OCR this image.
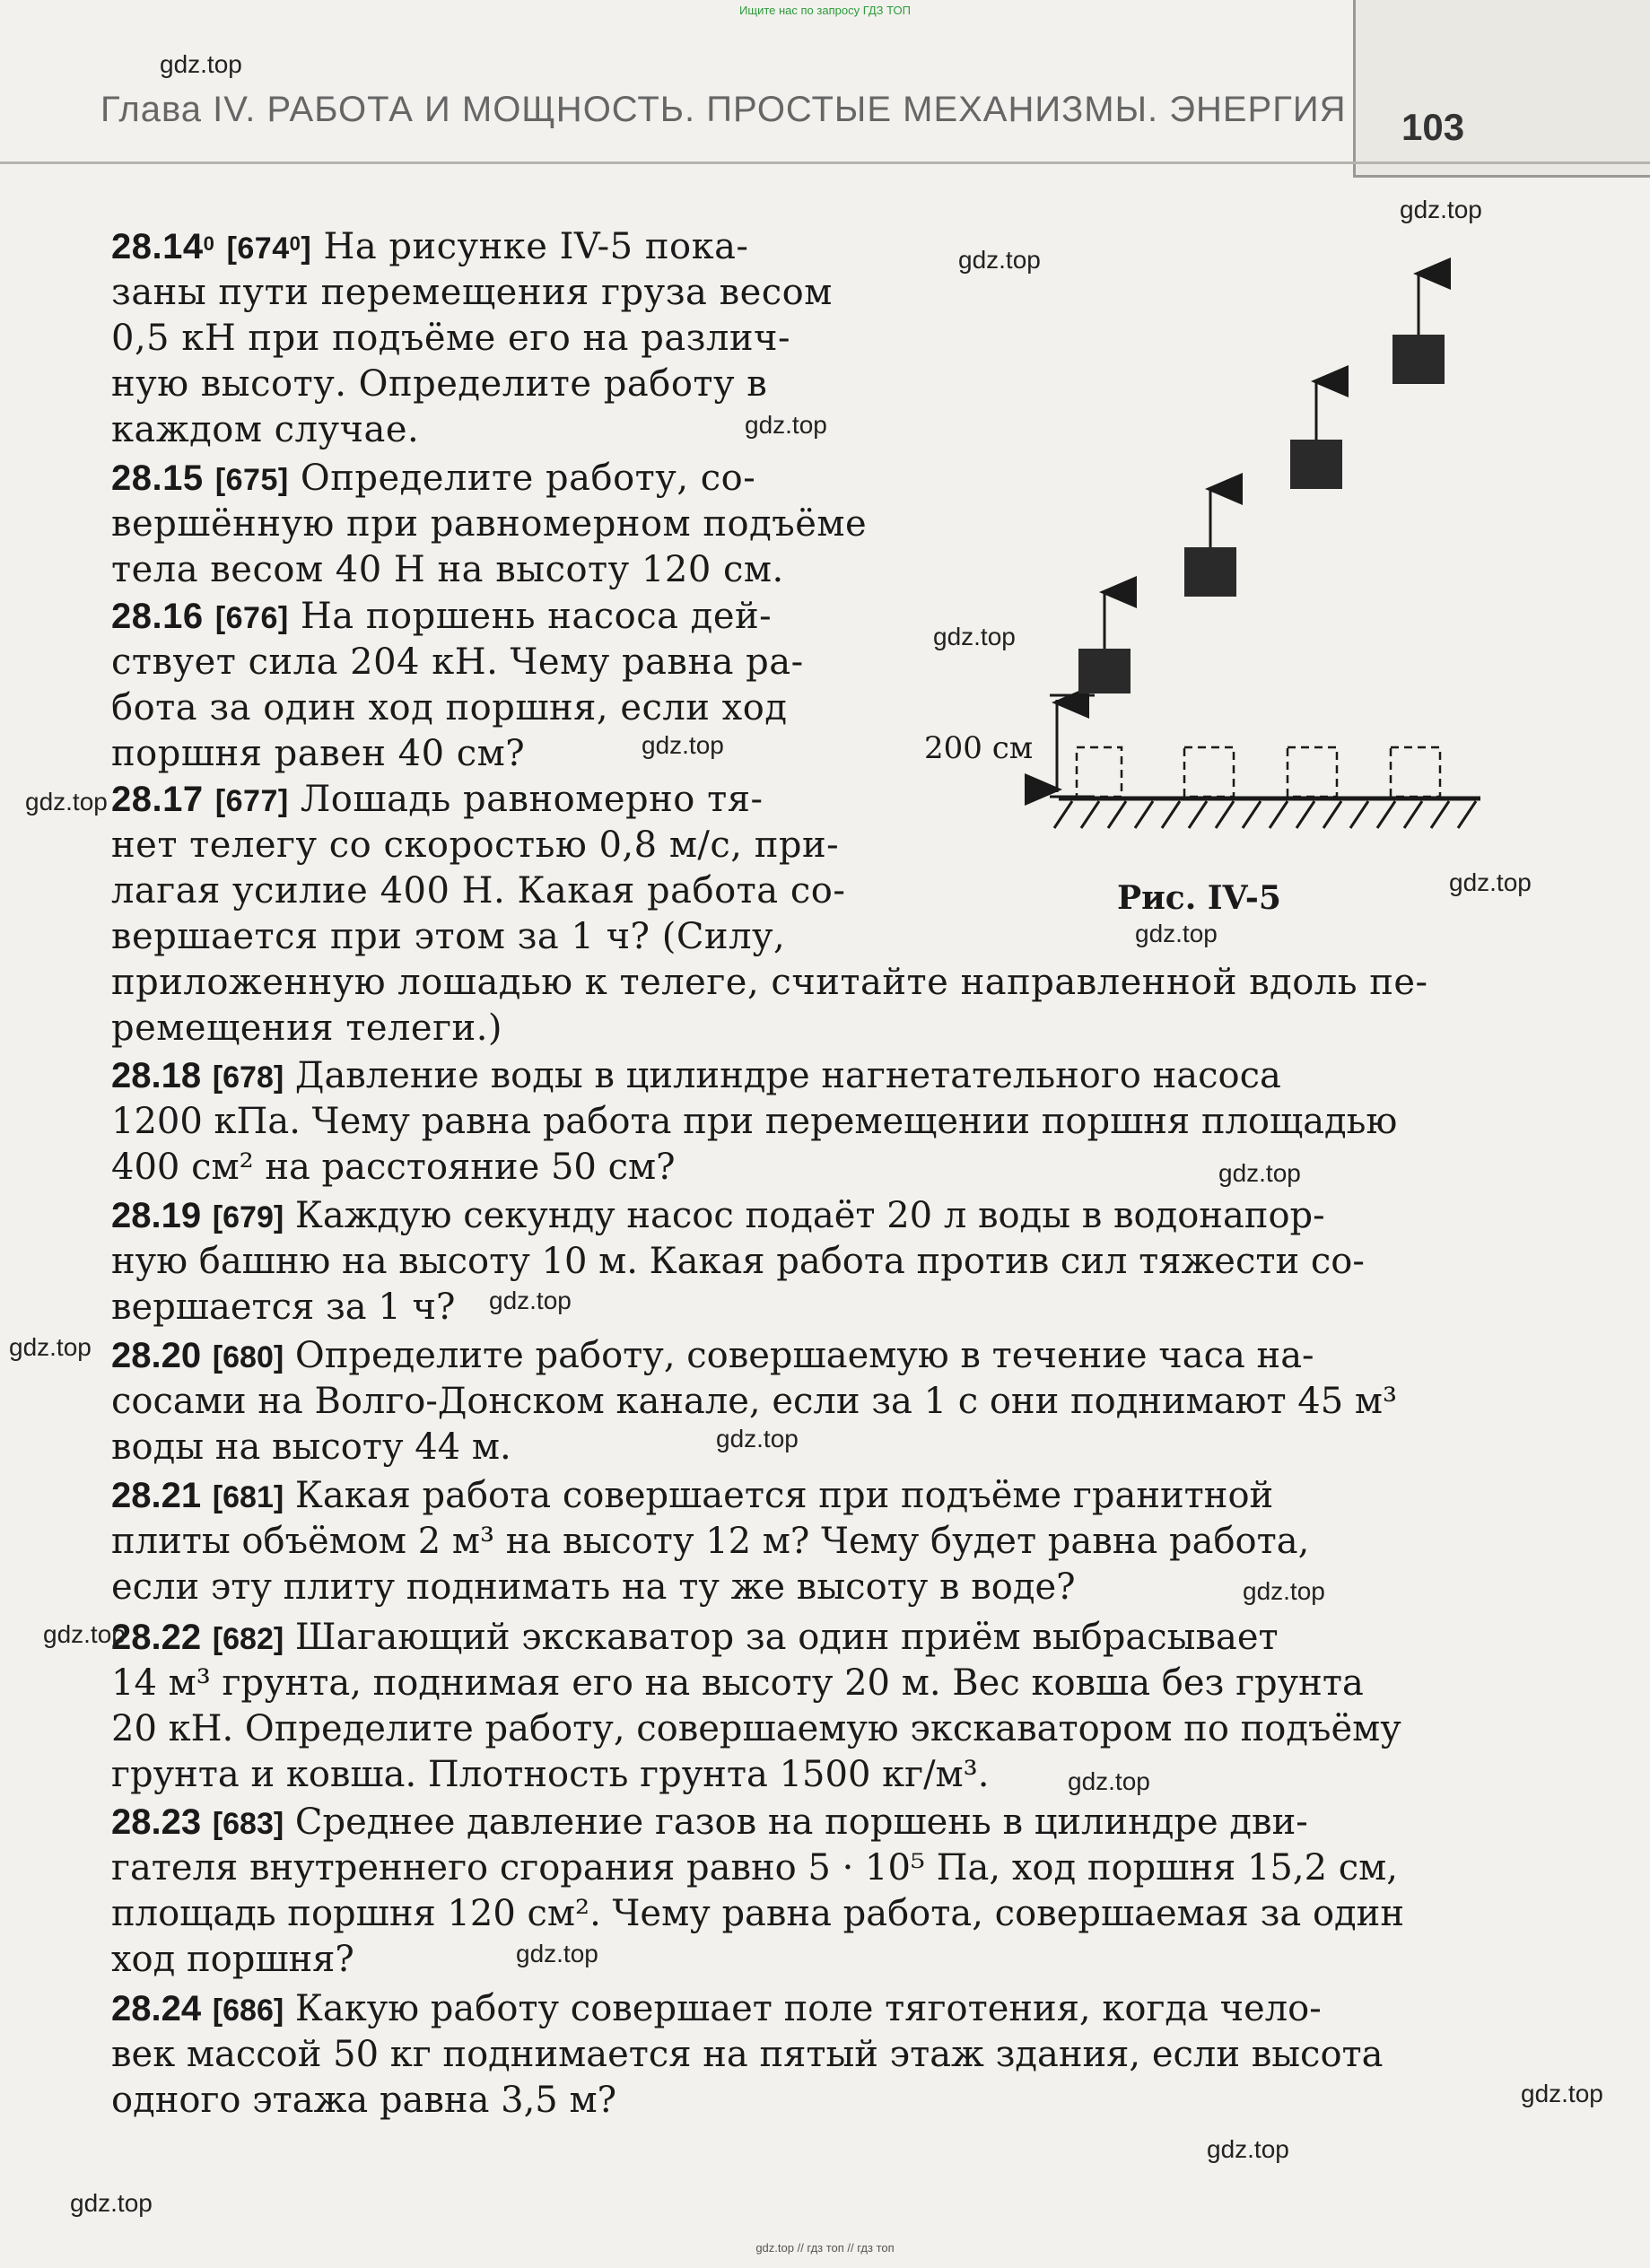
Ищите нас по запросу ГДЗ ТОП
Глава IV. РАБОТА И МОЩНОСТЬ. ПРОСТЫЕ МЕХАНИЗМЫ. ЭНЕРГИЯ 103
28.14$^0$ $[674^0]$ На рисунке IV-5 пока-
заны пути перемещения груза весом
0,5 кН при подъёме его на различ-
ную высоту. Определите работу в
каждом случае.
28.15 [675] Определите работу, со-
вершённую при равномерном подъёме
тела весом 40 Н на высоту 120 см.
28.16 [676] На поршень насоса дей-
ствует сила 204 кН. Чему равна ра-
бота за один ход поршня, если ход
поршня равен 40 см?
28.17 [677] Лошадь равномерно тя-
нет телегу со скоростью 0,8 м/с, при-
лагая усилие 400 Н. Какая работа со-
вершается при этом за 1 ч? (Силу,
приложенную лошадью к телеге, считайте направленной вдоль пе-
ремещения телеги.)
28.18 [678] Давление воды в цилиндре нагнетательного насоса
1200 кПа. Чему равна работа при перемещении поршня площадью
400 см² на расстояние 50 см?
28.19 [679] Каждую секунду насос подаёт 20 л воды в водонапор-
ную башню на высоту 10 м. Какая работа против сил тяжести со-
вершается за 1 ч?
28.20 [680] Определите работу, совершаемую в течение часа на-
сосами на Волго-Донском канале, если за 1 с они поднимают 45 м³
воды на высоту 44 м.
28.21 [681] Какая работа совершается при подъёме гранитной
плиты объёмом 2 м³ на высоту 12 м? Чему будет равна работа,
если эту плиту поднимать на ту же высоту в воде?
28.22 [682] Шагающий экскаватор за один приём выбрасывает
14 м³ грунта, поднимая его на высоту 20 м. Вес ковша без грунта
20 кН. Определите работу, совершаемую экскаватором по подъёму
грунта и ковша. Плотность грунта 1500 кг/м³.
28.23 [683] Среднее давление газов на поршень в цилиндре дви-
гателя внутреннего сгорания равно 5 · 10⁵ Па, ход поршня 15,2 см,
площадь поршня 120 см². Чему равна работа, совершаемая за один
ход поршня?
28.24 [686] Какую работу совершает поле тяготения, когда чело-
век массой 50 кг поднимается на пятый этаж здания, если высота
одного этажа равна 3,5 м?
200 см
Рис. IV-5
gdz.top
gdz.top
gdz.top
gdz.top
gdz.top
gdz.top
gdz.top
gdz.top
gdz.top
gdz.top
gdz.top
gdz.top
gdz.top
gdz.top
gdz.top
gdz.top
gdz.top
gdz.top
gdz.top
gdz.top
gdz.top // гдз топ // гдз топ
